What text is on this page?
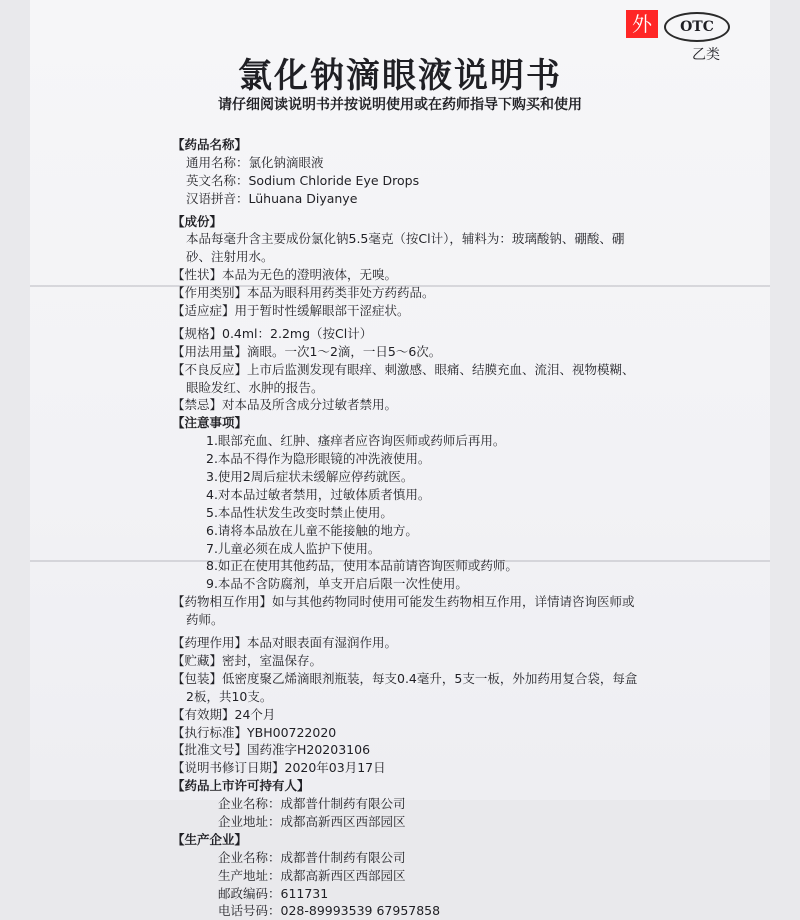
外	OTC
乙类
氯化钠滴眼液说明书
请仔细阅读说明书并按说明使用或在药师指导下购买和使用
【药品名称】
通用名称：氯化钠滴眼液
英文名称：Sodium Chloride Eye Drops
汉语拼音：Lühuana Diyanye
【成份】
本品每毫升含主要成份氯化钠5.5毫克（按Cl计），辅料为：玻璃酸钠、硼酸、硼
砂、注射用水。
【性状】本品为无色的澄明液体，无嗅。
【作用类别】本品为眼科用药类非处方药药品。
【适应症】用于暂时性缓解眼部干涩症状。
【规格】0.4ml：2.2mg（按Cl计）
【用法用量】滴眼。一次1～2滴，一日5～6次。
【不良反应】上市后监测发现有眼痒、刺激感、眼痛、结膜充血、流泪、视物模糊、
眼睑发红、水肿的报告。
【禁忌】对本品及所含成分过敏者禁用。
【注意事项】
1.眼部充血、红肿、瘙痒者应咨询医师或药师后再用。
2.本品不得作为隐形眼镜的冲洗液使用。
3.使用2周后症状未缓解应停药就医。
4.对本品过敏者禁用，过敏体质者慎用。
5.本品性状发生改变时禁止使用。
6.请将本品放在儿童不能接触的地方。
7.儿童必须在成人监护下使用。
8.如正在使用其他药品，使用本品前请咨询医师或药师。
9.本品不含防腐剂，单支开启后限一次性使用。
【药物相互作用】如与其他药物同时使用可能发生药物相互作用，详情请咨询医师或
药师。
【药理作用】本品对眼表面有湿润作用。
【贮藏】密封，室温保存。
【包装】低密度聚乙烯滴眼剂瓶装，每支0.4毫升，5支一板，外加药用复合袋，每盒
2板，共10支。
【有效期】24个月
【执行标准】YBH00722020
【批准文号】国药准字H20203106
【说明书修订日期】2020年03月17日
【药品上市许可持有人】
企业名称：成都普什制药有限公司
企业地址：成都高新西区西部园区
【生产企业】
企业名称：成都普什制药有限公司
生产地址：成都高新西区西部园区
邮政编码：611731
电话号码：028-89993539 67957858
